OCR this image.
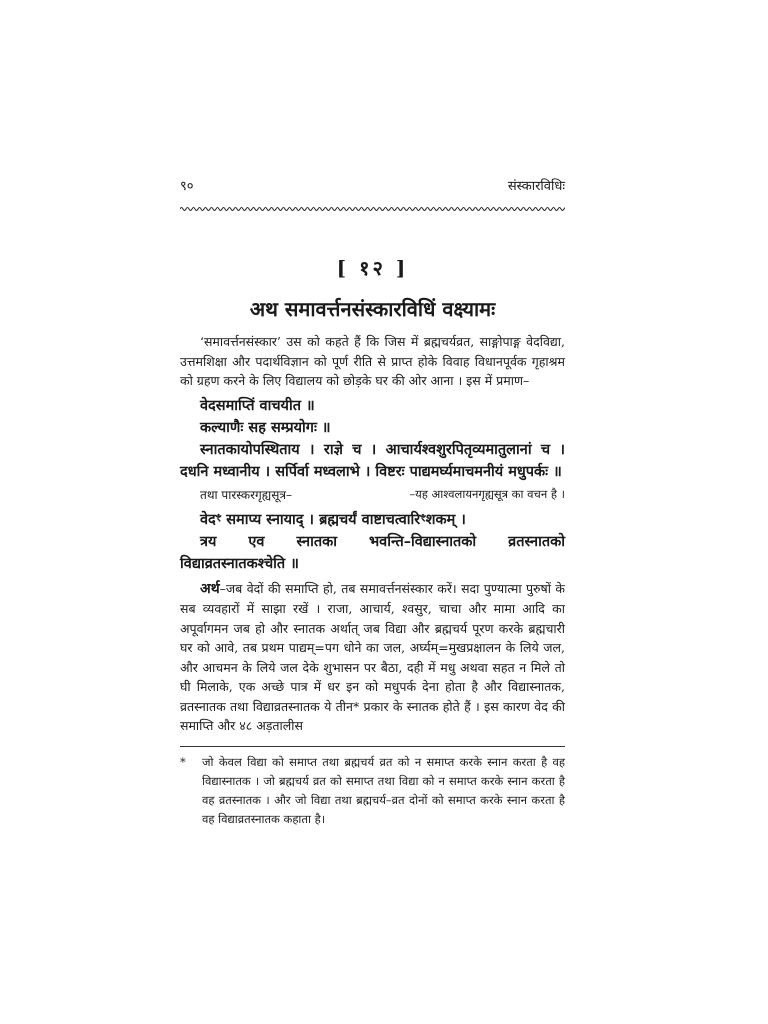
९०	संस्कारविधिः
[ १२ ]
अथ समावर्त्तनसंस्कारविधिं वक्ष्यामः

‘समावर्त्तनसंस्कार’ उस को कहते हैं कि जिस में ब्रह्मचर्यव्रत, साङ्गोपाङ्ग वेदविद्या, उत्तमशिक्षा और पदार्थविज्ञान को पूर्ण रीति से प्राप्त होके विवाह विधानपूर्वक गृहाश्रम को ग्रहण करने के लिए विद्यालय को छोड़के घर की ओर आना । इस में प्रमाण–

वेदसमाप्तिं वाचयीत ॥

कल्याणैः सह सम्प्रयोगः ॥

स्नातकायोपस्थिताय । राज्ञे च । आचार्यश्वशुरपितृव्यमातुलानां च । दधनि मध्वानीय । सर्पिर्वा मध्वलाभे । विष्टरः पाद्यमर्घ्यमाचमनीयं मधुपर्कः ॥
–यह आश्वलायनगृह्यसूत्र का वचन है ।

तथा पारस्करगृह्यसूत्र–

वेदꣳ समाप्य स्नायाद् । ब्रह्मचर्यं वाष्टाचत्वारिꣳशकम् ।

त्रय एव स्नातका भवन्ति–विद्यास्नातको व्रतस्नातको विद्याव्रतस्नातकश्चेति ॥

अर्थ–जब वेदों की समाप्ति हो, तब समावर्त्तनसंस्कार करें। सदा पुण्यात्मा पुरुषों के सब व्यवहारों में साझा रखें । राजा, आचार्य, श्वसुर, चाचा और मामा आदि का अपूर्वागमन जब हो और स्नातक अर्थात् जब विद्या और ब्रह्मचर्य पूरण करके ब्रह्मचारी घर को आवे, तब प्रथम पाद्यम्=पग धोने का जल, अर्घ्यम्=मुखप्रक्षालन के लिये जल, और आचमन के लिये जल देके शुभासन पर बैठा, दही में मधु अथवा सहत न मिले तो घी मिलाके, एक अच्छे पात्र में धर इन को मधुपर्क देना होता है और विद्यास्नातक, व्रतस्नातक तथा विद्याव्रतस्नातक ये तीन* प्रकार के स्नातक होते हैं । इस कारण वेद की समाप्ति और ४८ अड़तालीस

*	जो केवल विद्या को समाप्त तथा ब्रह्मचर्य व्रत को न समाप्त करके स्नान करता है वह विद्यास्नातक । जो ब्रह्मचर्य व्रत को समाप्त तथा विद्या को न समाप्त करके स्नान करता है वह व्रतस्नातक । और जो विद्या तथा ब्रह्मचर्य–व्रत दोनों को समाप्त करके स्नान करता है वह विद्याव्रतस्नातक कहाता है।
